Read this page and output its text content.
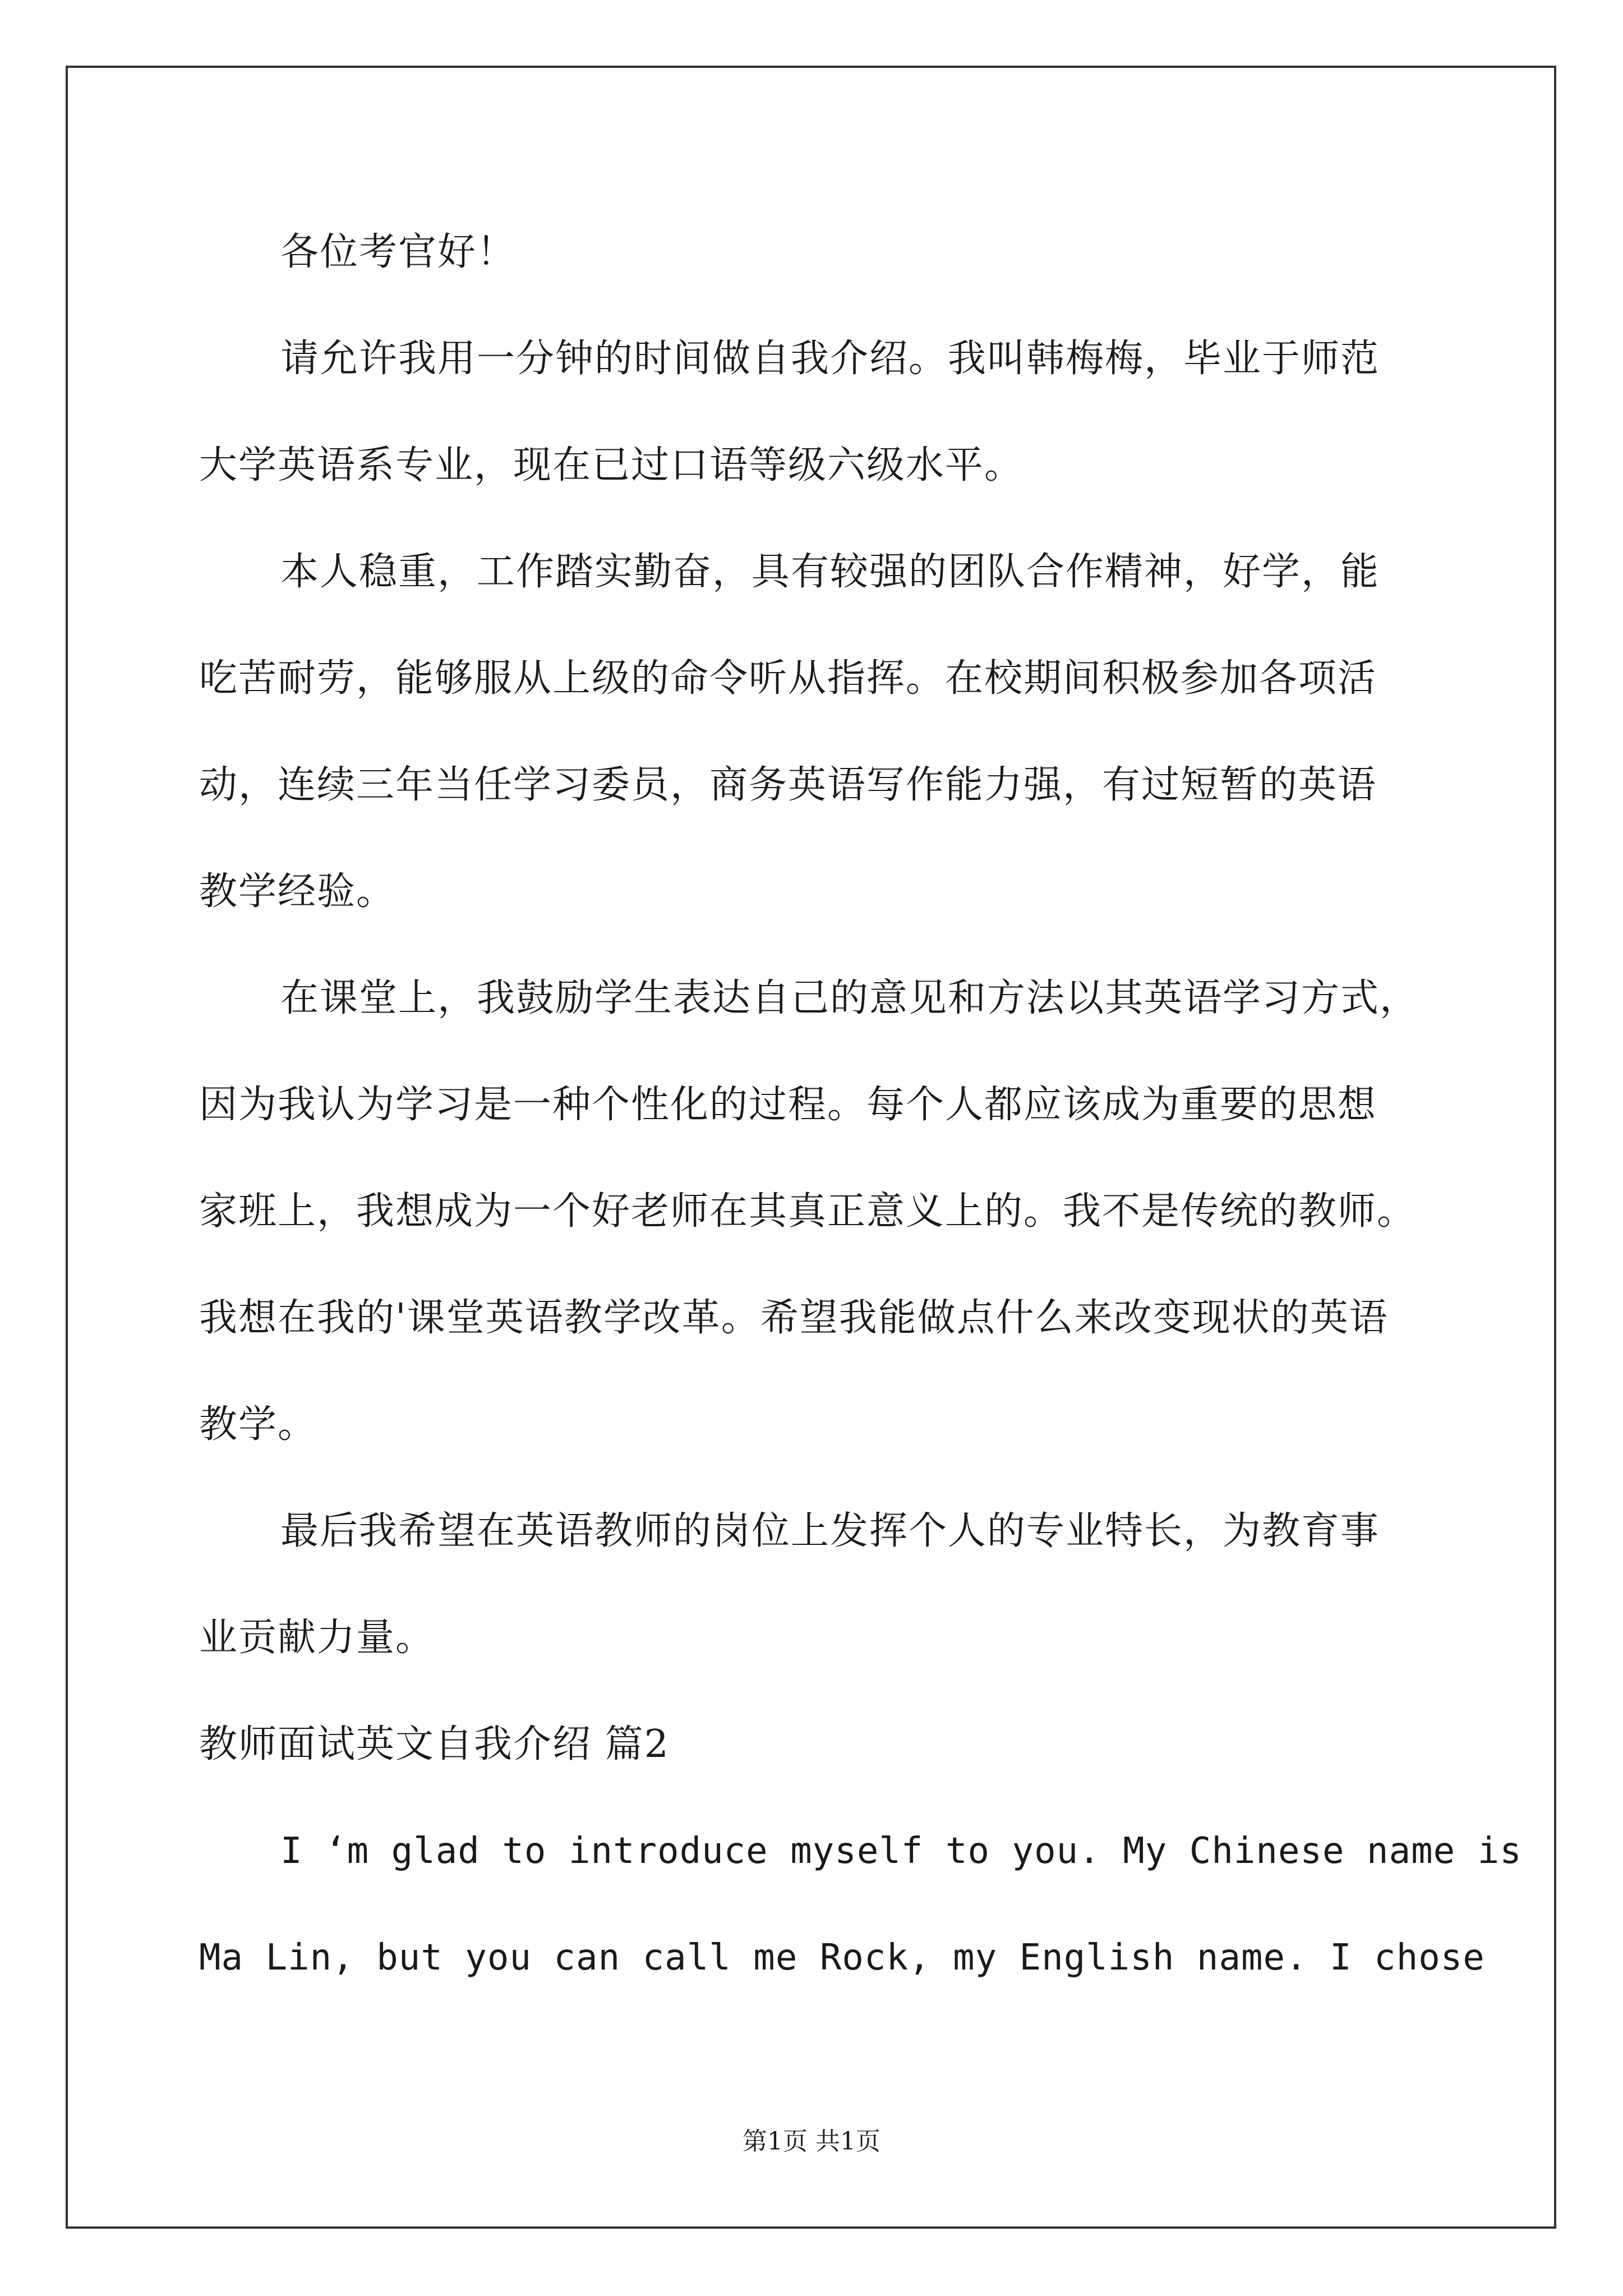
各位考官好！
请允许我用一分钟的时间做自我介绍。我叫韩梅梅，毕业于师范
大学英语系专业，现在已过口语等级六级水平。
本人稳重，工作踏实勤奋，具有较强的团队合作精神，好学，能
吃苦耐劳，能够服从上级的命令听从指挥。在校期间积极参加各项活
动，连续三年当任学习委员，商务英语写作能力强，有过短暂的英语
教学经验。
在课堂上，我鼓励学生表达自己的意见和方法以其英语学习方式，
因为我认为学习是一种个性化的过程。每个人都应该成为重要的思想
家班上，我想成为一个好老师在其真正意义上的。我不是传统的教师。
我想在我的'课堂英语教学改革。希望我能做点什么来改变现状的英语
教学。
最后我希望在英语教师的岗位上发挥个人的专业特长，为教育事
业贡献力量。
教师面试英文自我介绍 篇2
I ‘m glad to introduce myself to you. My Chinese name is
Ma Lin, but you can call me Rock, my English name. I chose
第1页 共1页
